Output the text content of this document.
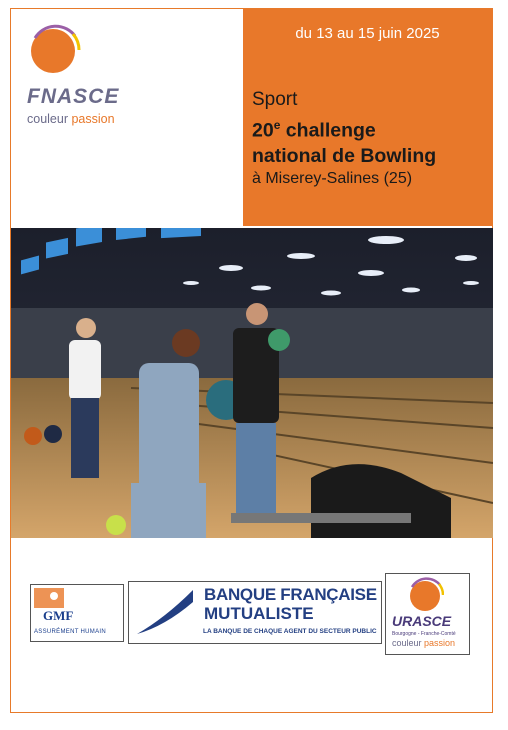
FNASCE
couleur passion
du 13 au 15 juin 2025
Sport
20e challenge
national de Bowling
à Miserey-Salines (25)
GMF
ASSURÉMENT HUMAIN
BANQUE FRANÇAISE
MUTUALISTE
LA BANQUE DE CHAQUE AGENT DU SECTEUR PUBLIC
URASCE
Bourgogne - Franche-Comté
couleur passion
